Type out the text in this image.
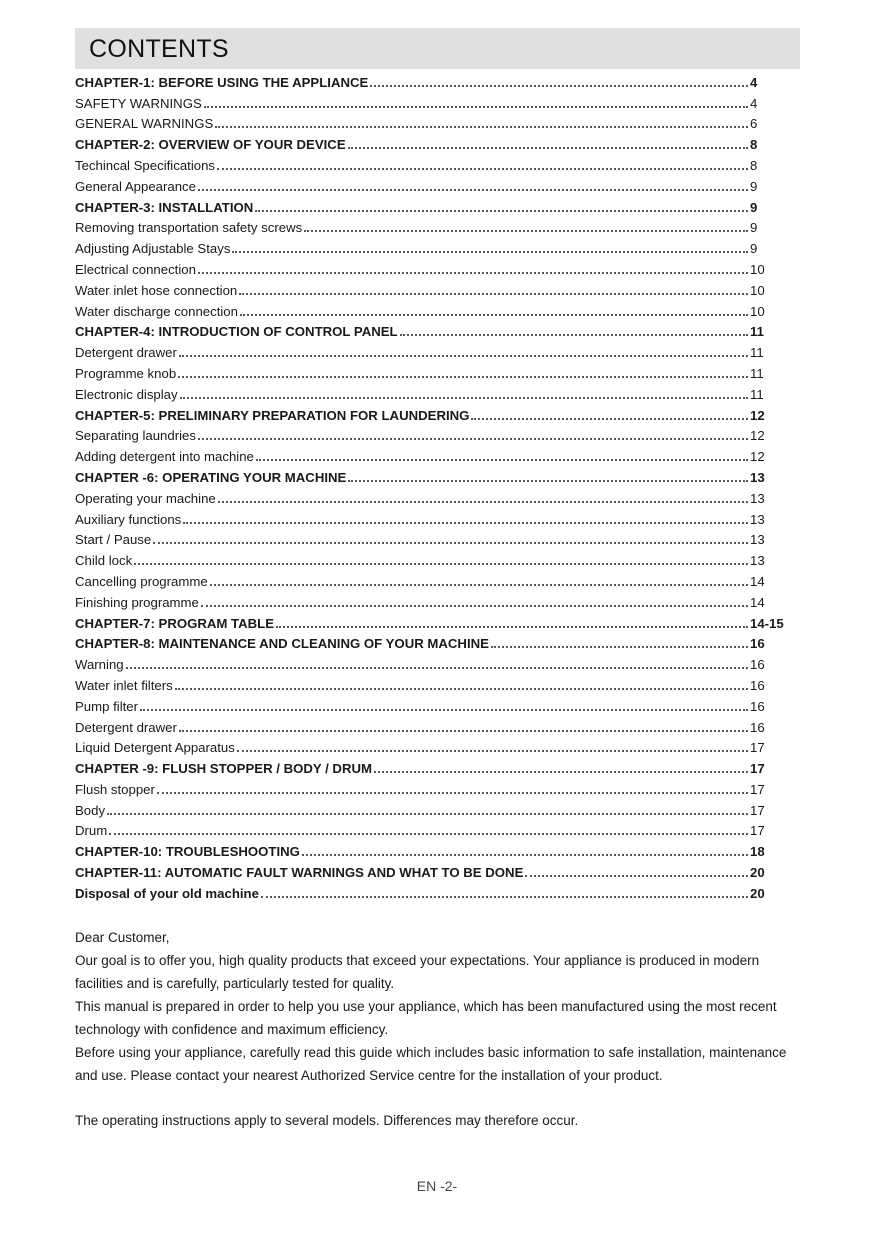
CONTENTS
CHAPTER-1: BEFORE USING THE APPLIANCE	4
SAFETY WARNINGS	4
GENERAL WARNINGS	6
CHAPTER-2: OVERVIEW OF YOUR DEVICE	8
Techincal Specifications	8
General Appearance	9
CHAPTER-3: INSTALLATION	9
Removing transportation safety screws	9
Adjusting Adjustable Stays	9
Electrical connection	10
Water inlet hose connection	10
Water discharge connection	10
CHAPTER-4: INTRODUCTION OF CONTROL PANEL	11
Detergent drawer	11
Programme knob	11
Electronic display	11
CHAPTER-5: PRELIMINARY PREPARATION FOR LAUNDERING	12
Separating laundries	12
Adding detergent into machine	12
CHAPTER -6: OPERATING YOUR MACHINE	13
Operating your machine	13
Auxiliary functions	13
Start / Pause	13
Child lock	13
Cancelling programme	14
Finishing programme	14
CHAPTER-7: PROGRAM TABLE	14-15
CHAPTER-8: MAINTENANCE AND CLEANING OF YOUR MACHINE	16
Warning	16
Water inlet filters	16
Pump filter	16
Detergent drawer	16
Liquid Detergent Apparatus	17
CHAPTER -9: FLUSH STOPPER / BODY / DRUM	17
Flush stopper	17
Body	17
Drum	17
CHAPTER-10: TROUBLESHOOTING	18
CHAPTER-11: AUTOMATIC FAULT WARNINGS AND WHAT TO BE DONE	20
Disposal of your old machine	20

Dear Customer,

Our goal is to offer you, high quality products that exceed your expectations. Your appliance is produced in modern facilities and is carefully, particularly tested for quality.

This manual is prepared in order to help you use your appliance, which has been manufactured using the most recent technology with confidence and maximum efficiency.

Before using your appliance, carefully read this guide which includes basic information to safe installation, maintenance and use. Please contact your nearest Authorized Service centre for the installation of your product.

The operating instructions apply to several models. Differences may therefore occur.

EN -2-
